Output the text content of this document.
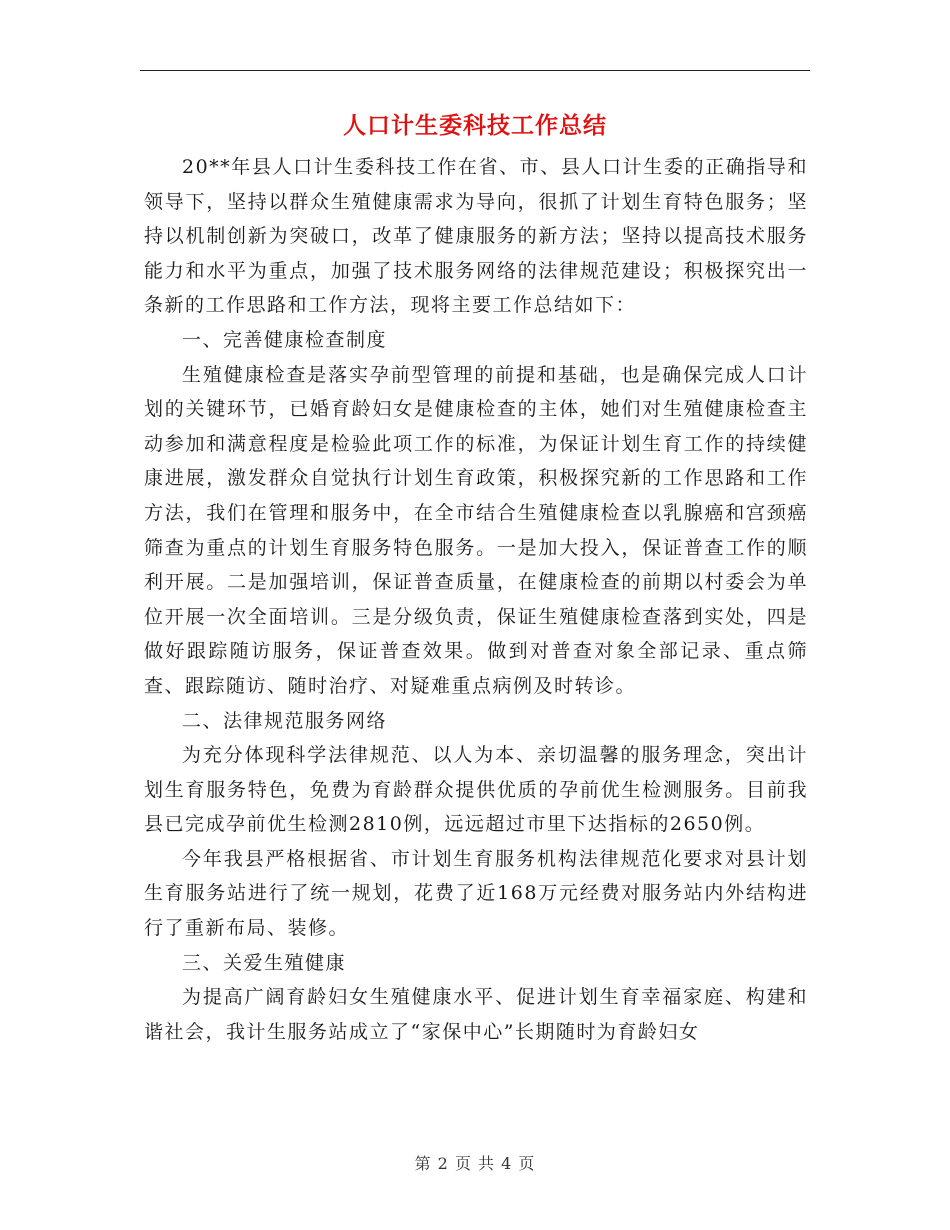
人口计生委科技工作总结

20**年县人口计生委科技工作在省、市、县人口计生委的正确指导和领导下，坚持以群众生殖健康需求为导向，很抓了计划生育特色服务；坚持以机制创新为突破口，改革了健康服务的新方法；坚持以提高技术服务能力和水平为重点，加强了技术服务网络的法律规范建设；积极探究出一条新的工作思路和工作方法，现将主要工作总结如下：

一、完善健康检查制度

生殖健康检查是落实孕前型管理的前提和基础，也是确保完成人口计划的关键环节，已婚育龄妇女是健康检查的主体，她们对生殖健康检查主动参加和满意程度是检验此项工作的标准，为保证计划生育工作的持续健康进展，激发群众自觉执行计划生育政策，积极探究新的工作思路和工作方法，我们在管理和服务中，在全市结合生殖健康检查以乳腺癌和宫颈癌筛查为重点的计划生育服务特色服务。一是加大投入，保证普查工作的顺利开展。二是加强培训，保证普查质量，在健康检查的前期以村委会为单位开展一次全面培训。三是分级负责，保证生殖健康检查落到实处，四是做好跟踪随访服务，保证普查效果。做到对普查对象全部记录、重点筛查、跟踪随访、随时治疗、对疑难重点病例及时转诊。

二、法律规范服务网络

为充分体现科学法律规范、以人为本、亲切温馨的服务理念，突出计划生育服务特色，免费为育龄群众提供优质的孕前优生检测服务。目前我县已完成孕前优生检测2810例，远远超过市里下达指标的2650例。

今年我县严格根据省、市计划生育服务机构法律规范化要求对县计划生育服务站进行了统一规划，花费了近168万元经费对服务站内外结构进行了重新布局、装修。

三、关爱生殖健康

为提高广阔育龄妇女生殖健康水平、促进计划生育幸福家庭、构建和谐社会，我计生服务站成立了“家保中心”长期随时为育龄妇女

第 2 页 共 4 页
